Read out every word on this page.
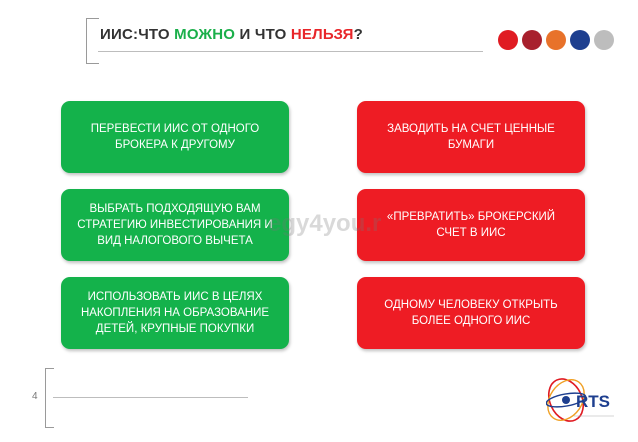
ИИС:ЧТО МОЖНО И ЧТО НЕЛЬЗЯ?
ПЕРЕВЕСТИ ИИС ОТ ОДНОГО
БРОКЕРА К ДРУГОМУ
ВЫБРАТЬ ПОДХОДЯЩУЮ ВАМ
СТРАТЕГИЮ ИНВЕСТИРОВАНИЯ И
ВИД НАЛОГОВОГО ВЫЧЕТА
ИСПОЛЬЗОВАТЬ ИИС В ЦЕЛЯХ
НАКОПЛЕНИЯ НА ОБРАЗОВАНИЕ
ДЕТЕЙ, КРУПНЫЕ ПОКУПКИ
ЗАВОДИТЬ НА СЧЕТ ЦЕННЫЕ
БУМАГИ
«ПРЕВРАТИТЬ» БРОКЕРСКИЙ
СЧЕТ В ИИС
ОДНОМУ ЧЕЛОВЕКУ ОТКРЫТЬ
БОЛЕЕ ОДНОГО ИИС
egy4you.r
4	RTS
